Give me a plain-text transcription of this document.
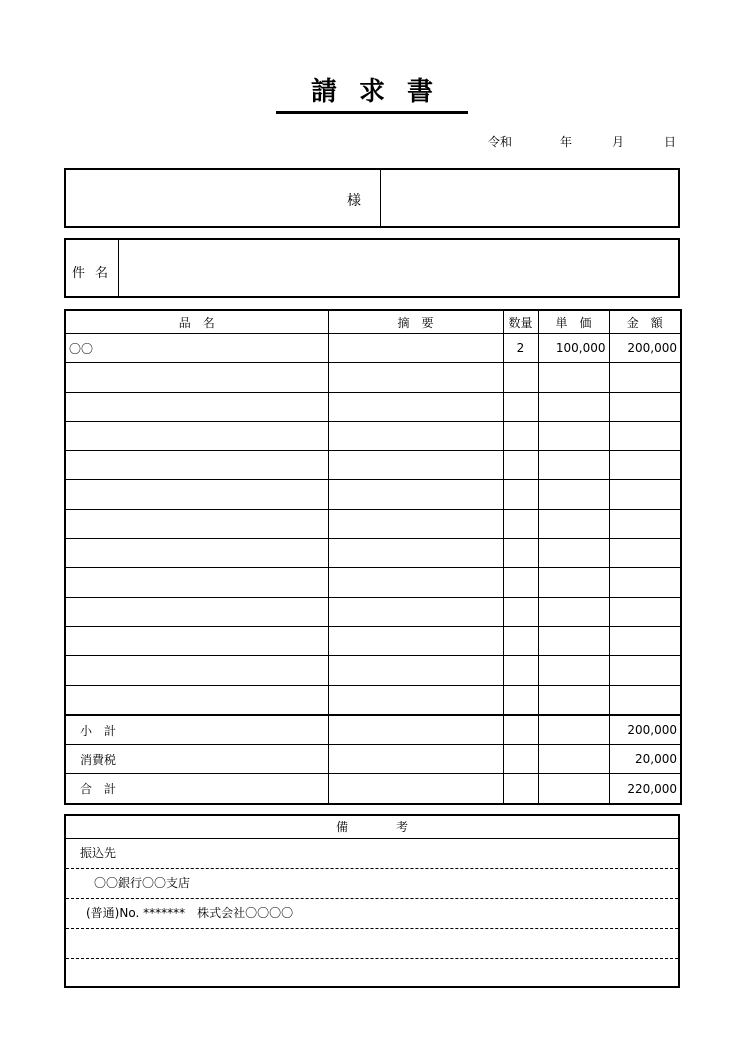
請求書
令和	年	月	日
様
件名
品　名	摘　要	数量	単　価	金　額
〇〇		2	100,000	200,000

小　計				200,000
消費税				20,000
合　計				220,000
備考
振込先
〇〇銀行〇〇支店
(普通)No. *******　株式会社〇〇〇〇
